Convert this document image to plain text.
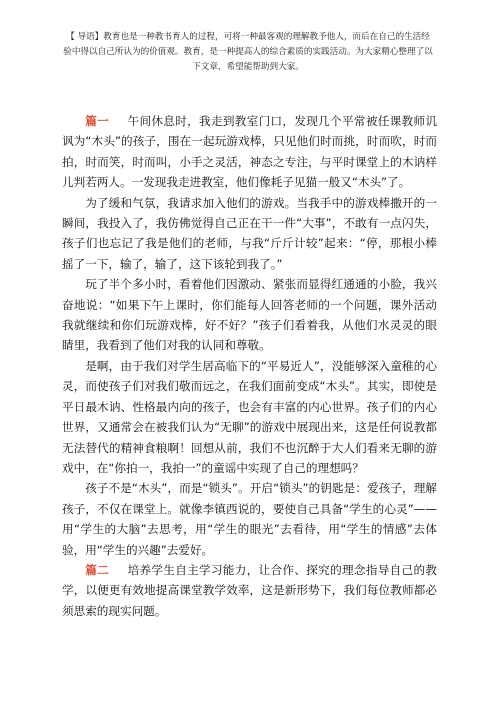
【 导语】教育也是一种教书育人的过程，可将一种最客观的理解教予他人，而后在自己的生活经验中得以自己所认为的价值观。教育，是一种提高人的综合素质的实践活动。为大家精心整理了以下文章，希望能帮助到大家。

篇一 午间休息时，我走到教室门口，发现几个平常被任课教师讥讽为“木头”的孩子，围在一起玩游戏棒，只见他们时而挑，时而吹，时而拍，时而笑，时而叫，小手之灵活，神态之专注，与平时课堂上的木讷样儿判若两人。一发现我走进教室，他们像耗子见猫一般又“木头”了。

为了缓和气氛，我请求加入他们的游戏。当我手中的游戏棒撒开的一瞬间，我投入了，我仿佛觉得自己正在干一件“大事”，不敢有一点闪失，孩子们也忘记了我是他们的老师，与我“斤斤计较”起来：“停，那根小棒摇了一下，输了，输了，这下该轮到我了。”

玩了半个多小时，看着他们因激动、紧张而显得红通通的小脸，我兴奋地说：“如果下午上课时，你们能每人回答老师的一个问题，课外活动我就继续和你们玩游戏棒，好不好？”孩子们看着我，从他们水灵灵的眼睛里，我看到了他们对我的认同和尊敬。

是啊，由于我们对学生居高临下的“平易近人”，没能够深入童稚的心灵，而使孩子们对我们敬而远之，在我们面前变成“木头”。其实，即使是平日最木讷、性格最内向的孩子，也会有丰富的内心世界。孩子们的内心世界，又通常会在被我们认为“无聊”的游戏中展现出来，这是任何说教都无法替代的精神食粮啊！回想从前，我们不也沉醉于大人们看来无聊的游戏中，在“你拍一，我拍一”的童谣中实现了自己的理想吗？

孩子不是“木头”，而是“锁头”。开启“锁头”的钥匙是：爱孩子，理解孩子，不仅在课堂上。就像李镇西说的，要使自己具备“学生的心灵”——用“学生的大脑”去思考，用“学生的眼光”去看待，用“学生的情感”去体验，用“学生的兴趣”去爱好。

篇二 培养学生自主学习能力，让合作、探究的理念指导自己的教学，以便更有效地提高课堂教学效率，这是新形势下，我们每位教师都必须思索的现实问题。
